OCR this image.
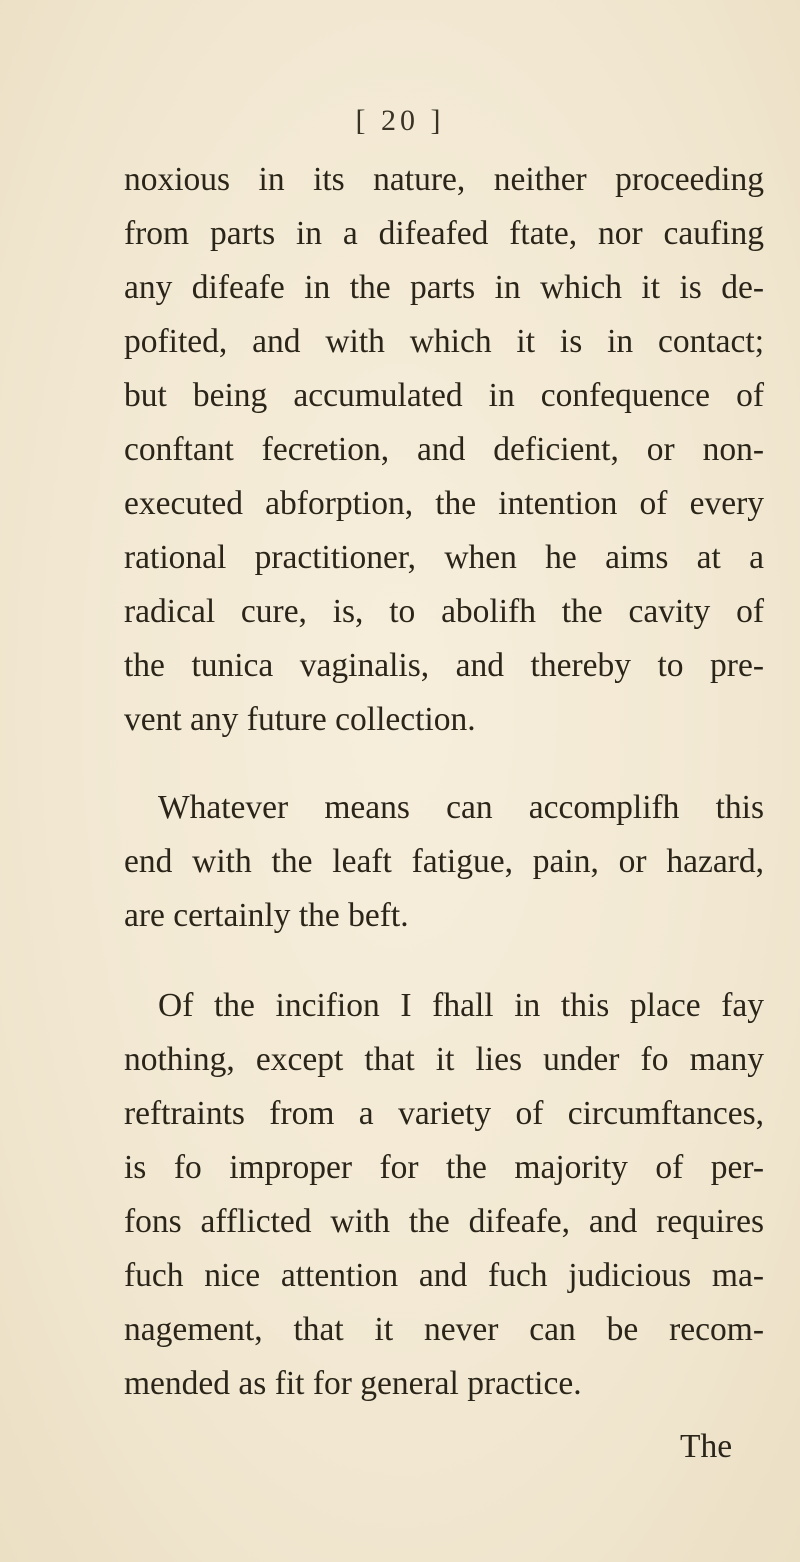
[ 20 ]
noxious in its nature, neither proceeding
from parts in a difeafed ftate, nor caufing
any difeafe in the parts in which it is de-
pofited, and with which it is in contact;
but being accumulated in confequence of
conftant fecretion, and deficient, or non-
executed abforption, the intention of every
rational practitioner, when he aims at a
radical cure, is, to abolifh the cavity of
the tunica vaginalis, and thereby to pre-
vent any future collection.
Whatever means can accomplifh this
end with the leaft fatigue, pain, or hazard,
are certainly the beft.
Of the incifion I fhall in this place fay
nothing, except that it lies under fo many
reftraints from a variety of circumftances,
is fo improper for the majority of per-
fons afflicted with the difeafe, and requires
fuch nice attention and fuch judicious ma-
nagement, that it never can be recom-
mended as fit for general practice.
The
